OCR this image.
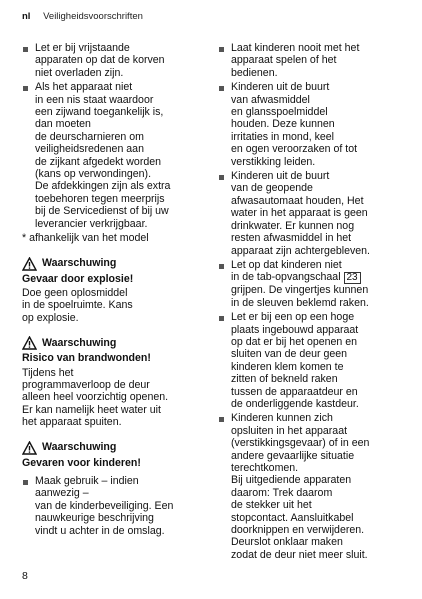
nl Veiligheidsvoorschriften
Let er bij vrijstaande
apparaten op dat de korven
niet overladen zijn.
Als het apparaat niet
in een nis staat waardoor
een zijwand toegankelijk is,
dan moeten
de deurscharnieren om
veiligheidsredenen aan
de zijkant afgedekt worden
(kans op verwondingen).
De afdekkingen zijn als extra
toebehoren tegen meerprijs
bij de Servicedienst of bij uw
leverancier verkrijgbaar.
* afhankelijk van het model
Waarschuwing
Gevaar door explosie!
Doe geen oplosmiddel
in de spoelruimte. Kans
op explosie.
Waarschuwing
Risico van brandwonden!
Tijdens het
programmaverloop de deur
alleen heel voorzichtig openen.
Er kan namelijk heet water uit
het apparaat spuiten.
Waarschuwing
Gevaren voor kinderen!
Maak gebruik – indien
aanwezig –
van de kinderbeveiliging. Een
nauwkeurige beschrijving
vindt u achter in de omslag.
Laat kinderen nooit met het
apparaat spelen of het
bedienen.
Kinderen uit de buurt
van afwasmiddel
en glansspoelmiddel
houden. Deze kunnen
irritaties in mond, keel
en ogen veroorzaken of tot
verstikking leiden.
Kinderen uit de buurt
van de geopende
afwasautomaat houden, Het
water in het apparaat is geen
drinkwater. Er kunnen nog
resten afwasmiddel in het
apparaat zijn achtergebleven.
Let op dat kinderen niet
in de tab-opvangschaal 23
grijpen. De vingertjes kunnen
in de sleuven beklemd raken.
Let er bij een op een hoge
plaats ingebouwd apparaat
op dat er bij het openen en
sluiten van de deur geen
kinderen klem komen te
zitten of bekneld raken
tussen de apparaatdeur en
de onderliggende kastdeur.
Kinderen kunnen zich
opsluiten in het apparaat
(verstikkingsgevaar) of in een
andere gevaarlijke situatie
terechtkomen.
Bij uitgediende apparaten
daarom: Trek daarom
de stekker uit het
stopcontact. Aansluitkabel
doorknippen en verwijderen.
Deurslot onklaar maken
zodat de deur niet meer sluit.
8
